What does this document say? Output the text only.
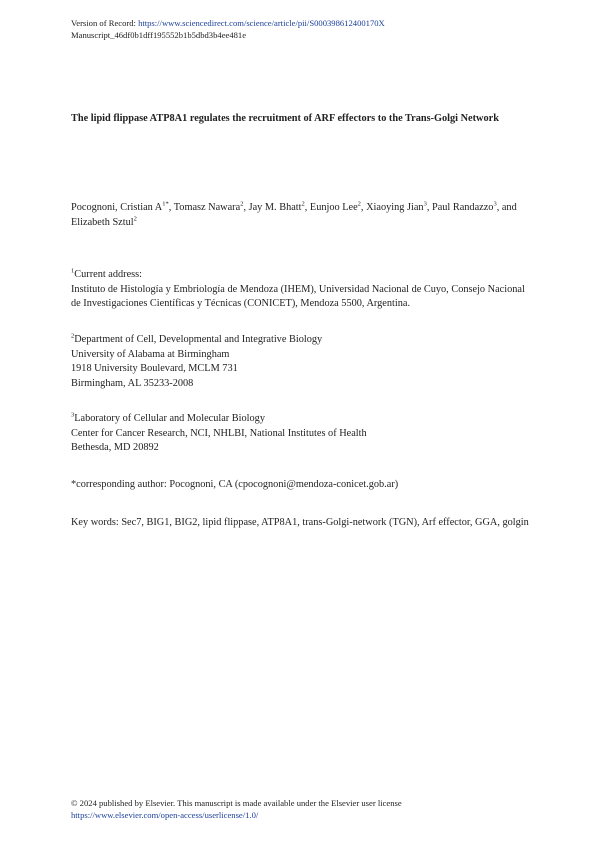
Version of Record: https://www.sciencedirect.com/science/article/pii/S000398612400170X
Manuscript_46df0b1dff195552b1b5dbd3b4ee481e
The lipid flippase ATP8A1 regulates the recruitment of ARF effectors to the Trans-Golgi Network
Pocognoni, Cristian $A^{1*}$, Tomasz Nawara$^2$, Jay M. Bhatt$^2$, Eunjoo Lee$^2$, Xiaoying Jian$^3$, Paul Randazzo$^3$, and Elizabeth Sztul$^2$

$^1$Current address:

Instituto de Histología y Embriología de Mendoza (IHEM), Universidad Nacional de Cuyo, Consejo Nacional de Investigaciones Científicas y Técnicas (CONICET), Mendoza 5500, Argentina.

$^2$Department of Cell, Developmental and Integrative Biology

University of Alabama at Birmingham

1918 University Boulevard, MCLM 731

Birmingham, AL 35233-2008

$^3$Laboratory of Cellular and Molecular Biology

Center for Cancer Research, NCI, NHLBI, National Institutes of Health

Bethesda, MD 20892

*corresponding author: Pocognoni, CA (cpocognoni@mendoza-conicet.gob.ar)
Key words: Sec7, BIG1, BIG2, lipid flippase, ATP8A1, trans-Golgi-network (TGN), Arf effector, GGA, golgin
© 2024 published by Elsevier. This manuscript is made available under the Elsevier user license
https://www.elsevier.com/open-access/userlicense/1.0/
